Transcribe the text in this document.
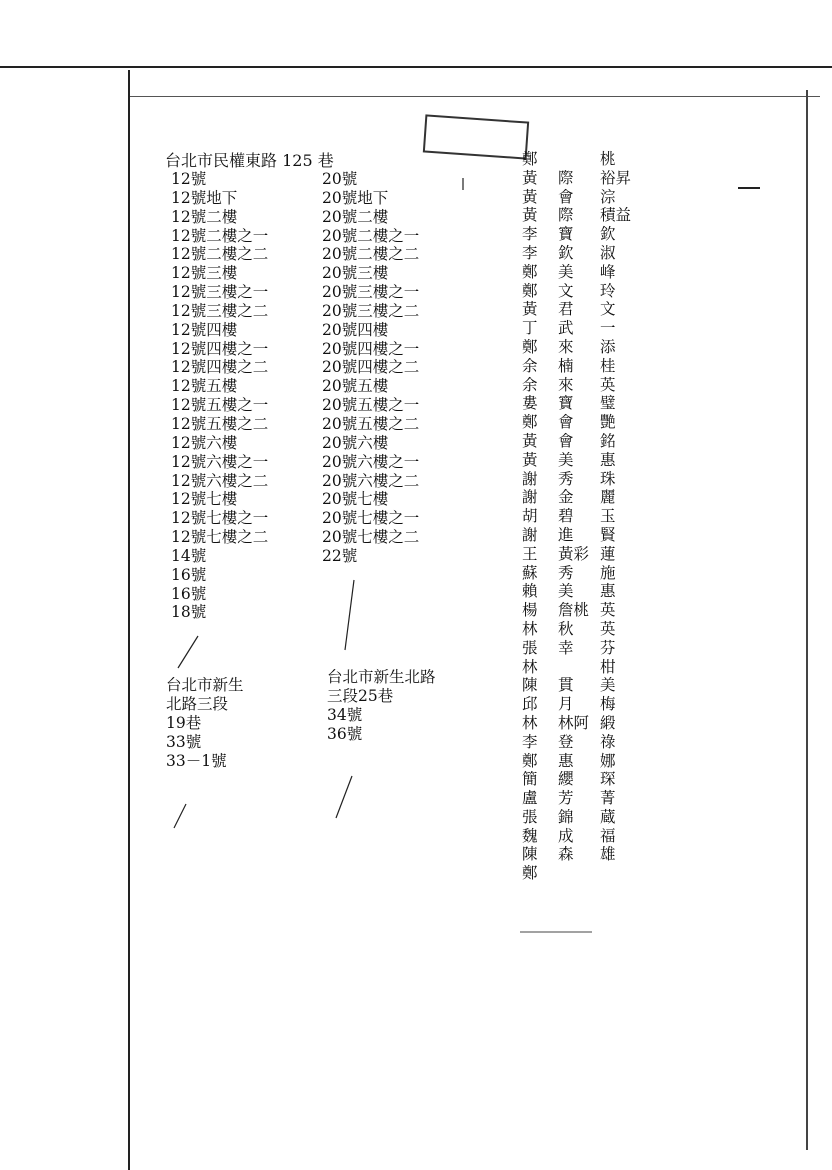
台北市民權東路 125 巷
12號
12號地下
12號二樓
12號二樓之一
12號二樓之二
12號三樓
12號三樓之一
12號三樓之二
12號四樓
12號四樓之一
12號四樓之二
12號五樓
12號五樓之一
12號五樓之二
12號六樓
12號六樓之一
12號六樓之二
12號七樓
12號七樓之一
12號七樓之二
14號
16號
16號
18號
20號
20號地下
20號二樓
20號二樓之一
20號二樓之二
20號三樓
20號三樓之一
20號三樓之二
20號四樓
20號四樓之一
20號四樓之二
20號五樓
20號五樓之一
20號五樓之二
20號六樓
20號六樓之一
20號六樓之二
20號七樓
20號七樓之一
20號七樓之二
22號
台北市新生
北路三段
19巷
33號
33－1號
台北市新生北路
三段25巷
34號
36號
鄭	桃
黃 際 裕昇
黃 會 淙
黃 際 積益
李 寶 欽
李 欽 淑
鄭 美 峰
鄭 文 玲
黃 君 文
丁 武 一
鄭 來 添
余 楠 桂
余 來 英
婁 寶 璧
鄭 會 艷
黃 會 銘
黃 美 惠
謝 秀 珠
謝 金 麗
胡 碧 玉
謝 進 賢
王 黃彩 蓮
蘇 秀 施
賴 美 惠
楊 詹桃 英
林 秋 英
張 幸 芬
林	柑
陳 貫 美
邱 月 梅
林 林阿 緞
李 登 祿
鄭 惠 娜
簡 纓 琛
盧 芳 菁
張 錦 蔵
魏 成 福
陳 森 雄
鄭
